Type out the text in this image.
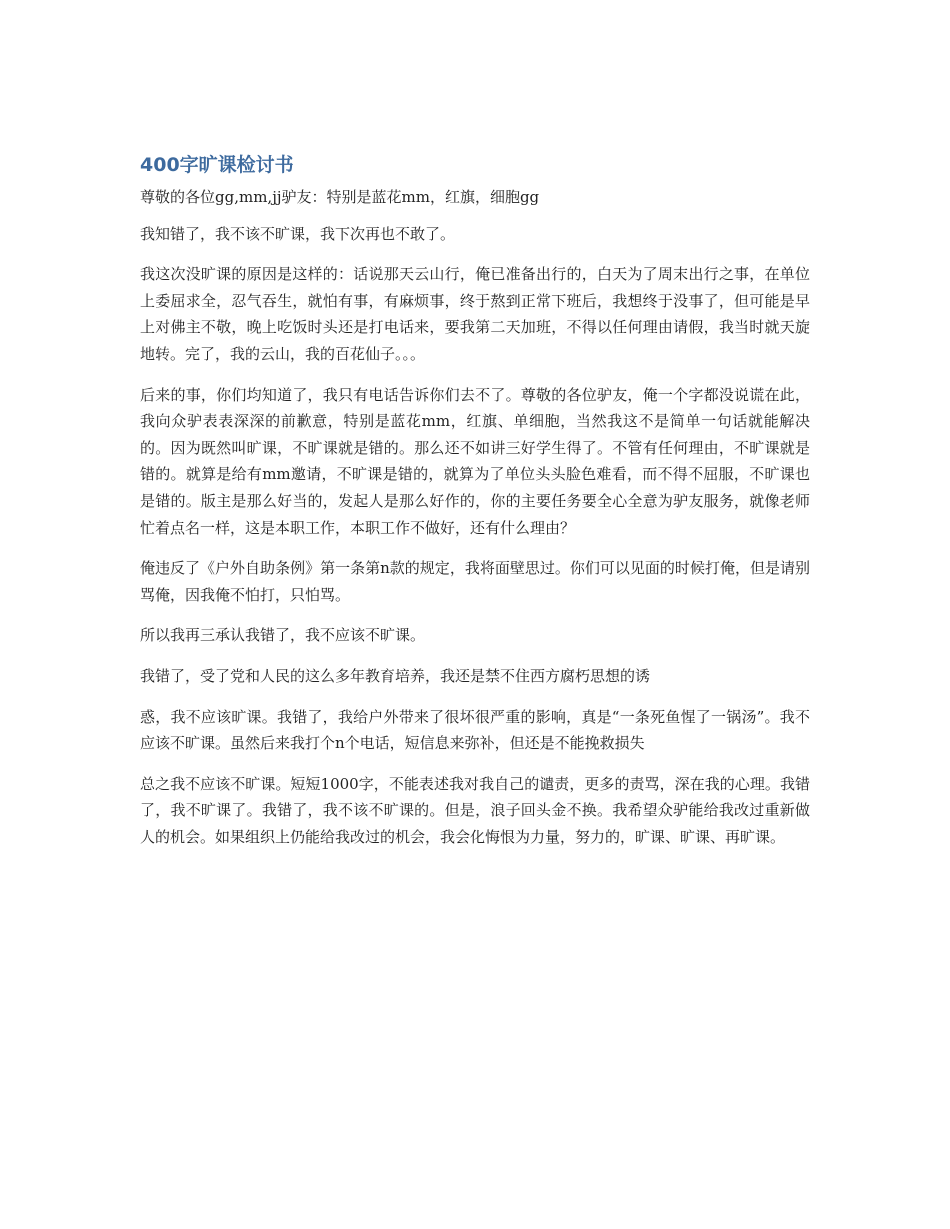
400字旷课检讨书

尊敬的各位gg,mm,jj驴友：特别是蓝花mm，红旗，细胞gg

我知错了，我不该不旷课，我下次再也不敢了。

我这次没旷课的原因是这样的：话说那天云山行，俺已准备出行的，白天为了周末出行之事，在单位上委屈求全，忍气吞生，就怕有事，有麻烦事，终于熬到正常下班后，我想终于没事了，但可能是早上对佛主不敬，晚上吃饭时头还是打电话来，要我第二天加班，不得以任何理由请假，我当时就天旋地转。完了，我的云山，我的百花仙子。。。

后来的事，你们均知道了，我只有电话告诉你们去不了。尊敬的各位驴友，俺一个字都没说谎在此，我向众驴表表深深的前歉意，特别是蓝花mm，红旗、单细胞，当然我这不是简单一句话就能解决的。因为既然叫旷课，不旷课就是错的。那么还不如讲三好学生得了。不管有任何理由，不旷课就是错的。就算是给有mm邀请，不旷课是错的，就算为了单位头头脸色难看，而不得不屈服，不旷课也是错的。版主是那么好当的，发起人是那么好作的，你的主要任务要全心全意为驴友服务，就像老师忙着点名一样，这是本职工作，本职工作不做好，还有什么理由？

俺违反了《户外自助条例》第一条第n款的规定，我将面壁思过。你们可以见面的时候打俺，但是请别骂俺，因我俺不怕打，只怕骂。

所以我再三承认我错了，我不应该不旷课。

我错了，受了党和人民的这么多年教育培养，我还是禁不住西方腐朽思想的诱

惑，我不应该旷课。我错了，我给户外带来了很坏很严重的影响，真是“一条死鱼惺了一锅汤”。我不应该不旷课。虽然后来我打个n个电话，短信息来弥补，但还是不能挽救损失

总之我不应该不旷课。短短1000字，不能表述我对我自己的谴责，更多的责骂，深在我的心理。我错了，我不旷课了。我错了，我不该不旷课的。但是，浪子回头金不换。我希望众驴能给我改过重新做人的机会。如果组织上仍能给我改过的机会，我会化悔恨为力量，努力的，旷课、旷课、再旷课。
